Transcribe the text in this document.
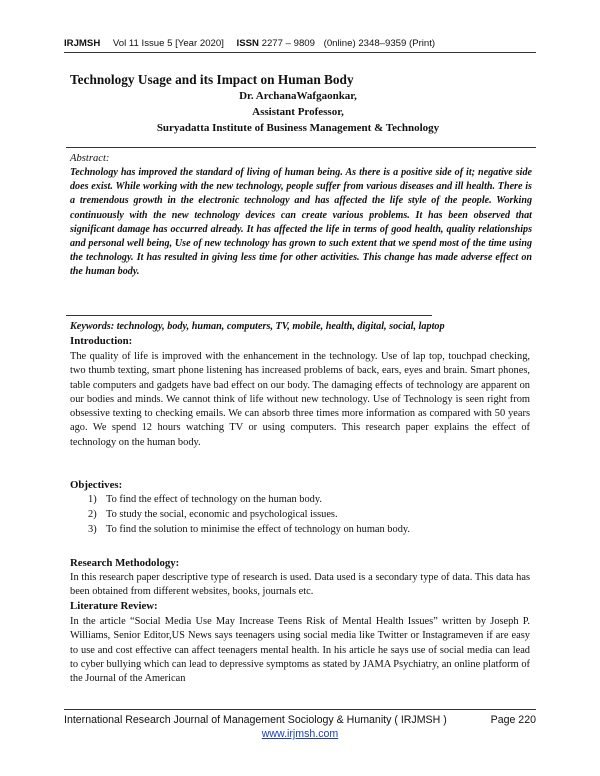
IRJMSH Vol 11 Issue 5 [Year 2020] ISSN 2277 – 9809 (0nline) 2348–9359 (Print)
Technology Usage and its Impact on Human Body
Dr. ArchanaWafgaonkar,
Assistant Professor,
Suryadatta Institute of Business Management & Technology
Abstract:
Technology has improved the standard of living of human being. As there is a positive side of it; negative side does exist. While working with the new technology, people suffer from various diseases and ill health. There is a tremendous growth in the electronic technology and has affected the life style of the people. Working continuously with the new technology devices can create various problems. It has been observed that significant damage has occurred already. It has affected the life in terms of good health, quality relationships and personal well being, Use of new technology has grown to such extent that we spend most of the time using the technology. It has resulted in giving less time for other activities. This change has made adverse effect on the human body.
Keywords: technology, body, human, computers, TV, mobile, health, digital, social, laptop
Introduction:
The quality of life is improved with the enhancement in the technology. Use of lap top, touchpad checking, two thumb texting, smart phone listening has increased problems of back, ears, eyes and brain. Smart phones, table computers and gadgets have bad effect on our body. The damaging effects of technology are apparent on our bodies and minds. We cannot think of life without new technology. Use of Technology is seen right from obsessive texting to checking emails. We can absorb three times more information as compared with 50 years ago. We spend 12 hours watching TV or using computers. This research paper explains the effect of technology on the human body.
Objectives:
1) To find the effect of technology on the human body.
2) To study the social, economic and psychological issues.
3) To find the solution to minimise the effect of technology on human body.
Research Methodology:
In this research paper descriptive type of research is used. Data used is a secondary type of data. This data has been obtained from different websites, books, journals etc.
Literature Review:
In the article “Social Media Use May Increase Teens Risk of Mental Health Issues” written by Joseph P. Williams, Senior Editor,US News says teenagers using social media like Twitter or Instagrameven if are easy to use and cost effective can affect teenagers mental health. In his article he says use of social media can lead to cyber bullying which can lead to depressive symptoms as stated by JAMA Psychiatry, an online platform of the Journal of the American
International Research Journal of Management Sociology & Humanity ( IRJMSH )	Page 220
www.irjmsh.com
